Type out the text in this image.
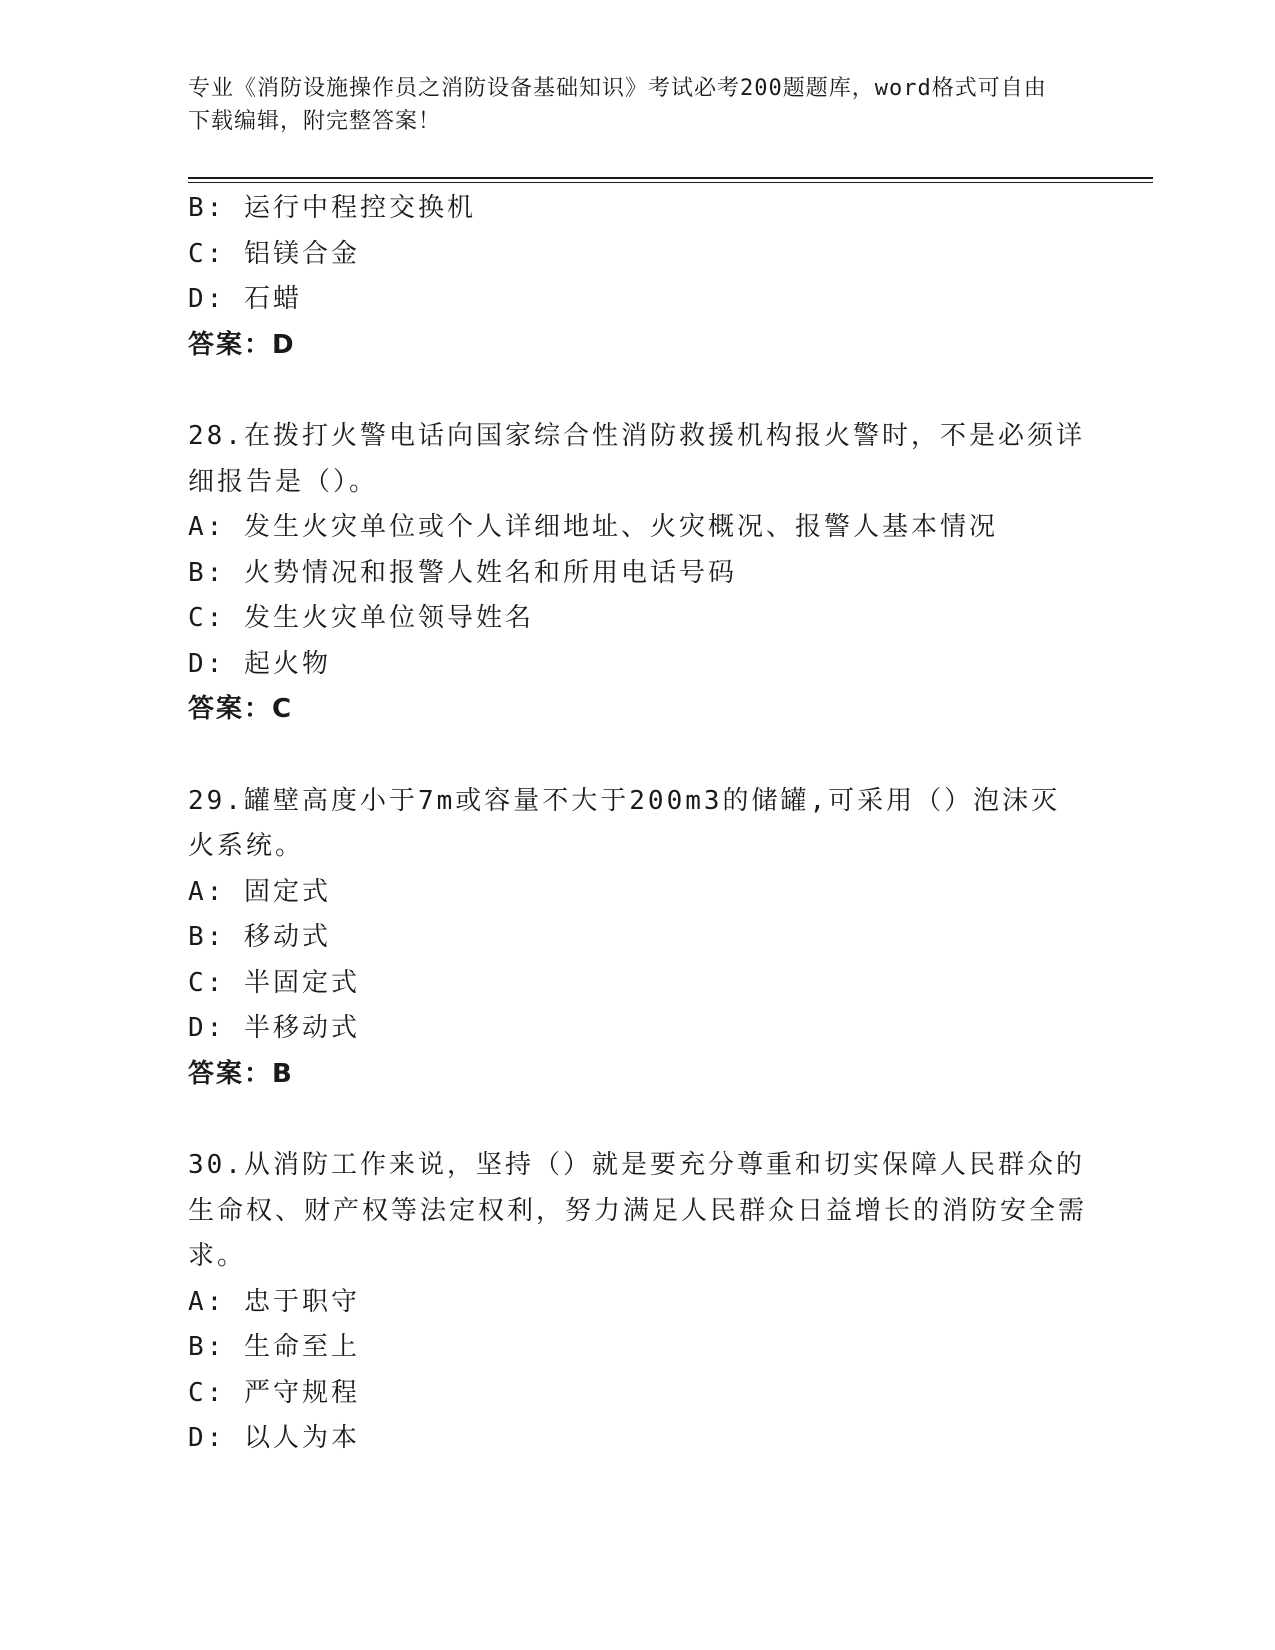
专业《消防设施操作员之消防设备基础知识》考试必考200题题库，word格式可自由下载编辑，附完整答案！
B: 运行中程控交换机
C: 铝镁合金
D: 石蜡
答案：D
28.在拨打火警电话向国家综合性消防救援机构报火警时，不是必须详细报告是（）。
A: 发生火灾单位或个人详细地址、火灾概况、报警人基本情况
B: 火势情况和报警人姓名和所用电话号码
C: 发生火灾单位领导姓名
D: 起火物
答案：C
29.罐壁高度小于7m或容量不大于200m3的储罐,可采用（）泡沫灭火系统。
A: 固定式
B: 移动式
C: 半固定式
D: 半移动式
答案：B
30.从消防工作来说，坚持（）就是要充分尊重和切实保障人民群众的生命权、财产权等法定权利，努力满足人民群众日益增长的消防安全需求。
A: 忠于职守
B: 生命至上
C: 严守规程
D: 以人为本
